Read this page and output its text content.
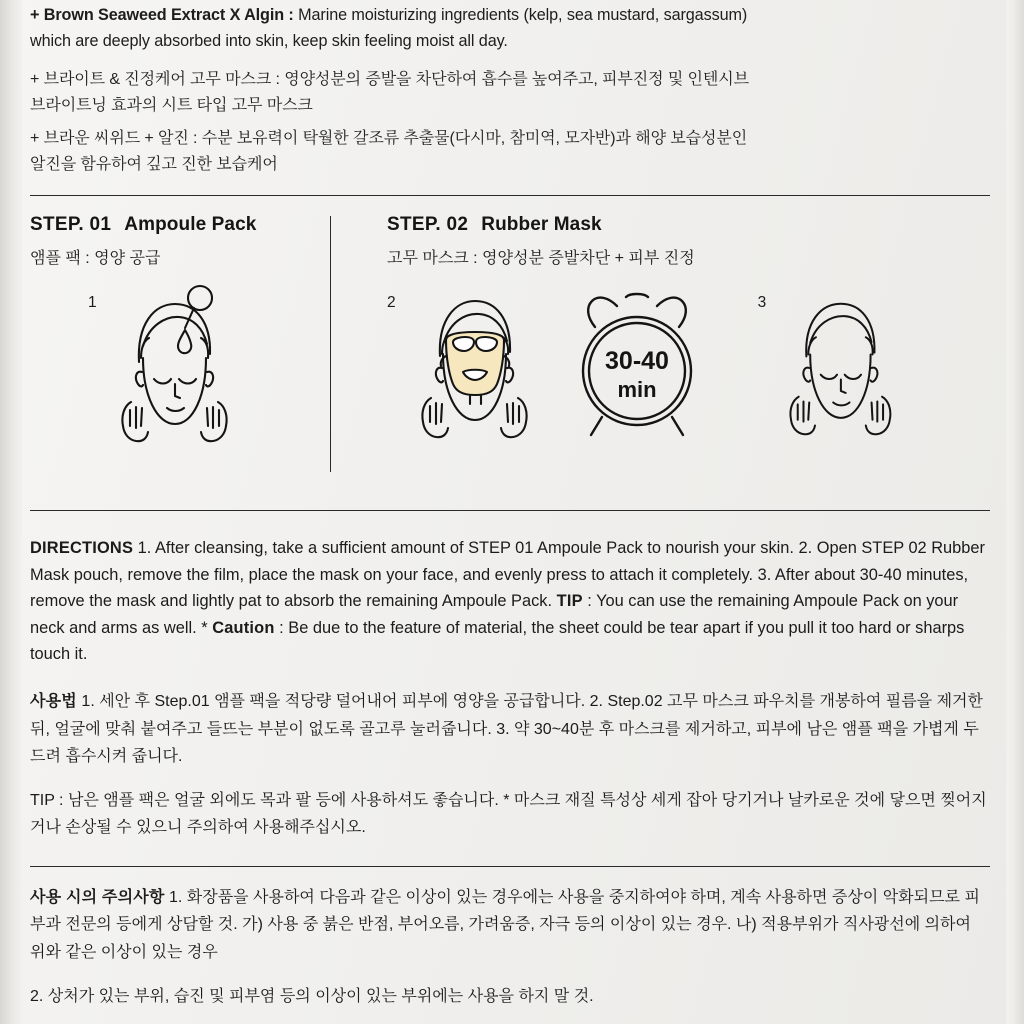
+ Brown Seaweed Extract X Algin : Marine moisturizing ingredients (kelp, sea mustard, sargassum)
which are deeply absorbed into skin, keep skin feeling moist all day.
+ 브라이트 & 진정케어 고무 마스크 : 영양성분의 증발을 차단하여 흡수를 높여주고, 피부진정 및 인텐시브
브라이트닝 효과의 시트 타입 고무 마스크
+ 브라운 씨위드 + 알진 : 수분 보유력이 탁월한 갈조류 추출물(다시마, 참미역, 모자반)과 해양 보습성분인
알진을 함유하여 깊고 진한 보습케어
STEP. 01 Ampoule Pack
앰플 팩 : 영양 공급
1
STEP. 02 Rubber Mask
고무 마스크 : 영양성분 증발차단 + 피부 진정
2
30-40
min
3

DIRECTIONS 1. After cleansing, take a sufficient amount of STEP 01 Ampoule Pack to nourish your skin. 2. Open STEP 02 Rubber Mask pouch, remove the film, place the mask on your face, and evenly press to attach it completely. 3. After about 30-40 minutes, remove the mask and lightly pat to absorb the remaining Ampoule Pack. TIP : You can use the remaining Ampoule Pack on your neck and arms as well. * Caution : Be due to the feature of material, the sheet could be tear apart if you pull it too hard or sharps touch it.

사용법 1. 세안 후 Step.01 앰플 팩을 적당량 덜어내어 피부에 영양을 공급합니다. 2. Step.02 고무 마스크 파우치를 개봉하여 필름을 제거한 뒤, 얼굴에 맞춰 붙여주고 들뜨는 부분이 없도록 골고루 눌러줍니다. 3. 약 30~40분 후 마스크를 제거하고, 피부에 남은 앰플 팩을 가볍게 두드려 흡수시켜 줍니다.

TIP : 남은 앰플 팩은 얼굴 외에도 목과 팔 등에 사용하셔도 좋습니다. * 마스크 재질 특성상 세게 잡아 당기거나 날카로운 것에 닿으면 찢어지거나 손상될 수 있으니 주의하여 사용해주십시오.

사용 시의 주의사항 1. 화장품을 사용하여 다음과 같은 이상이 있는 경우에는 사용을 중지하여야 하며, 계속 사용하면 증상이 악화되므로 피부과 전문의 등에게 상담할 것. 가) 사용 중 붉은 반점, 부어오름, 가려움증, 자극 등의 이상이 있는 경우. 나) 적용부위가 직사광선에 의하여 위와 같은 이상이 있는 경우

2. 상처가 있는 부위, 습진 및 피부염 등의 이상이 있는 부위에는 사용을 하지 말 것.
